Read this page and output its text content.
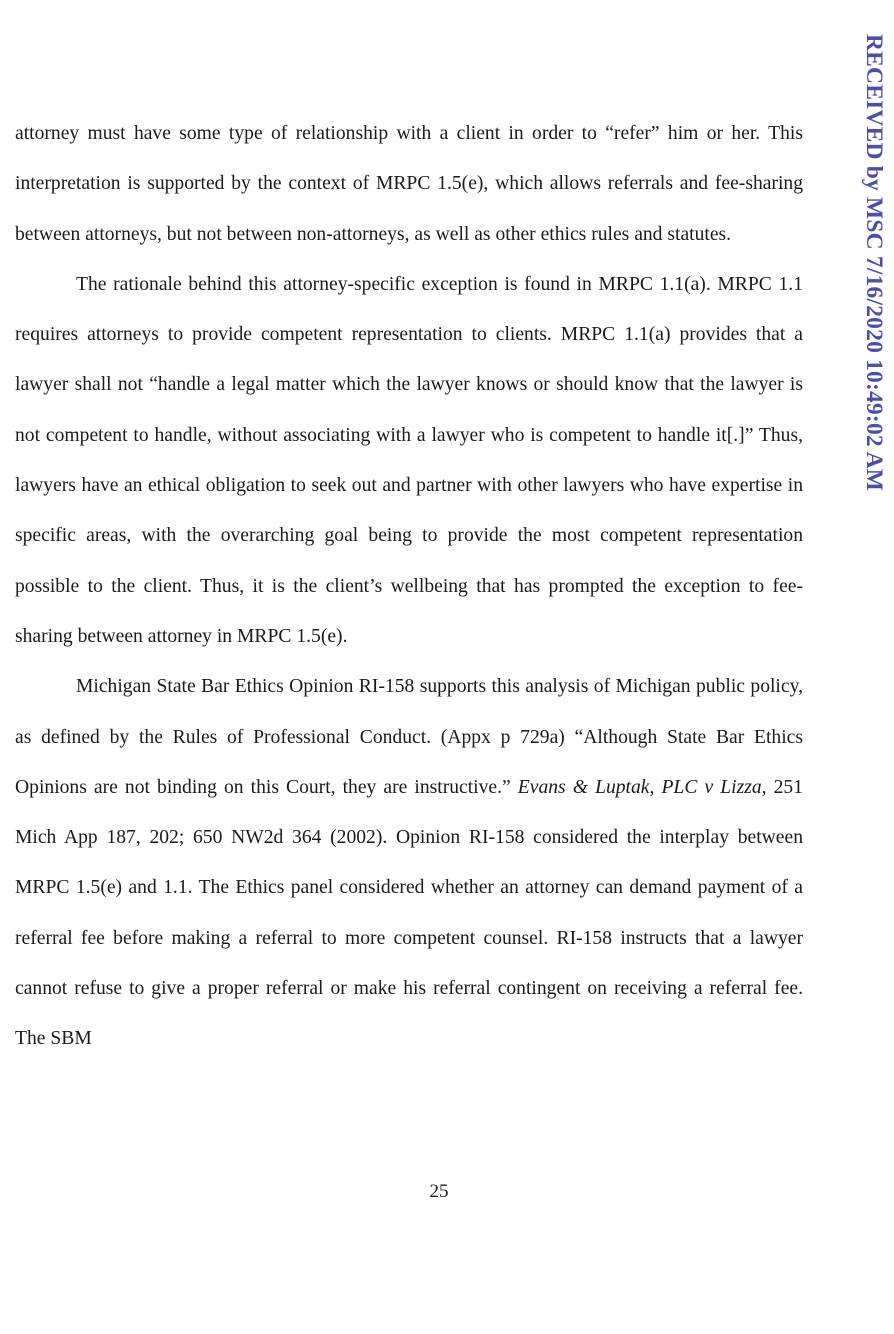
attorney must have some type of relationship with a client in order to “refer” him or her. This interpretation is supported by the context of MRPC 1.5(e), which allows referrals and fee-sharing between attorneys, but not between non-attorneys, as well as other ethics rules and statutes.

The rationale behind this attorney-specific exception is found in MRPC 1.1(a). MRPC 1.1 requires attorneys to provide competent representation to clients. MRPC 1.1(a) provides that a lawyer shall not “handle a legal matter which the lawyer knows or should know that the lawyer is not competent to handle, without associating with a lawyer who is competent to handle it[.]” Thus, lawyers have an ethical obligation to seek out and partner with other lawyers who have expertise in specific areas, with the overarching goal being to provide the most competent representation possible to the client. Thus, it is the client’s wellbeing that has prompted the exception to fee-sharing between attorney in MRPC 1.5(e).

Michigan State Bar Ethics Opinion RI-158 supports this analysis of Michigan public policy, as defined by the Rules of Professional Conduct. (Appx p 729a) “Although State Bar Ethics Opinions are not binding on this Court, they are instructive.” Evans & Luptak, PLC v Lizza, 251 Mich App 187, 202; 650 NW2d 364 (2002). Opinion RI-158 considered the interplay between MRPC 1.5(e) and 1.1. The Ethics panel considered whether an attorney can demand payment of a referral fee before making a referral to more competent counsel. RI-158 instructs that a lawyer cannot refuse to give a proper referral or make his referral contingent on receiving a referral fee. The SBM

25
RECEIVED by MSC 7/16/2020 10:49:02 AM
